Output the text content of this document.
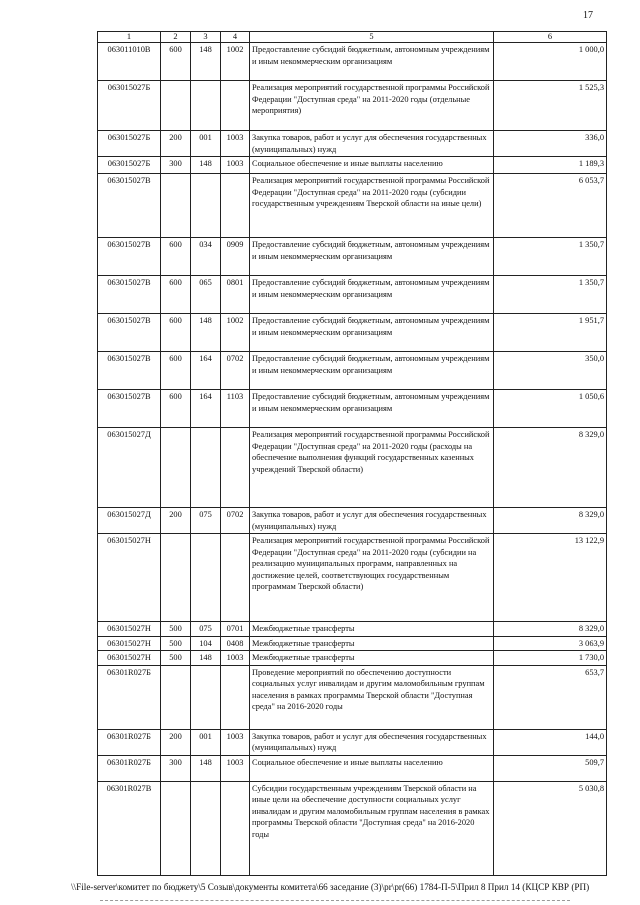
17
1	2	3	4	5	6
063011010В	600	148	1002	Предоставление субсидий бюджетным, автономным учреждениям и иным некоммерческим организациям	1 000,0
063015027Б				Реализация мероприятий государственной программы Российской Федерации "Доступная среда" на 2011-2020 годы (отдельные мероприятия)	1 525,3
063015027Б	200	001	1003	Закупка товаров, работ и услуг для обеспечения государственных (муниципальных) нужд	336,0
063015027Б	300	148	1003	Социальное обеспечение и иные выплаты населению	1 189,3
063015027В				Реализация мероприятий государственной программы Российской Федерации "Доступная среда" на 2011-2020 годы (субсидии государственным учреждениям Тверской области на иные цели)	6 053,7
063015027В	600	034	0909	Предоставление субсидий бюджетным, автономным учреждениям и иным некоммерческим организациям	1 350,7
063015027В	600	065	0801	Предоставление субсидий бюджетным, автономным учреждениям и иным некоммерческим организациям	1 350,7
063015027В	600	148	1002	Предоставление субсидий бюджетным, автономным учреждениям и иным некоммерческим организациям	1 951,7
063015027В	600	164	0702	Предоставление субсидий бюджетным, автономным учреждениям и иным некоммерческим организациям	350,0
063015027В	600	164	1103	Предоставление субсидий бюджетным, автономным учреждениям и иным некоммерческим организациям	1 050,6
063015027Д				Реализация мероприятий государственной программы Российской Федерации "Доступная среда" на 2011-2020 годы (расходы на обеспечение выполнения функций государственных казенных учреждений Тверской области)	8 329,0
063015027Д	200	075	0702	Закупка товаров, работ и услуг для обеспечения государственных (муниципальных) нужд	8 329,0
063015027Н				Реализация мероприятий государственной программы Российской Федерации "Доступная среда" на 2011-2020 годы (субсидии на реализацию муниципальных программ, направленных на достижение целей, соответствующих государственным программам Тверской области)	13 122,9
063015027Н	500	075	0701	Межбюджетные трансферты	8 329,0
063015027Н	500	104	0408	Межбюджетные трансферты	3 063,9
063015027Н	500	148	1003	Межбюджетные трансферты	1 730,0
06301R027Б				Проведение мероприятий по обеспечению доступности социальных услуг инвалидам и другим маломобильным группам населения в рамках программы Тверской области "Доступная среда" на 2016-2020 годы	653,7
06301R027Б	200	001	1003	Закупка товаров, работ и услуг для обеспечения государственных (муниципальных) нужд	144,0
06301R027Б	300	148	1003	Социальное обеспечение и иные выплаты населению	509,7
06301R027В				Субсидии государственным учреждениям Тверской области на иные цели на обеспечение доступности социальных услуг инвалидам и другим маломобильным группам населения в рамках программы Тверской области "Доступная среда" на 2016-2020 годы	5 030,8
\\File-server\комитет по бюджету\5 Созыв\документы комитета\66 заседание (3)\pr\pr(66) 1784-П-5\Прил 8 Прил 14 (КЦСР КВР (РП)
